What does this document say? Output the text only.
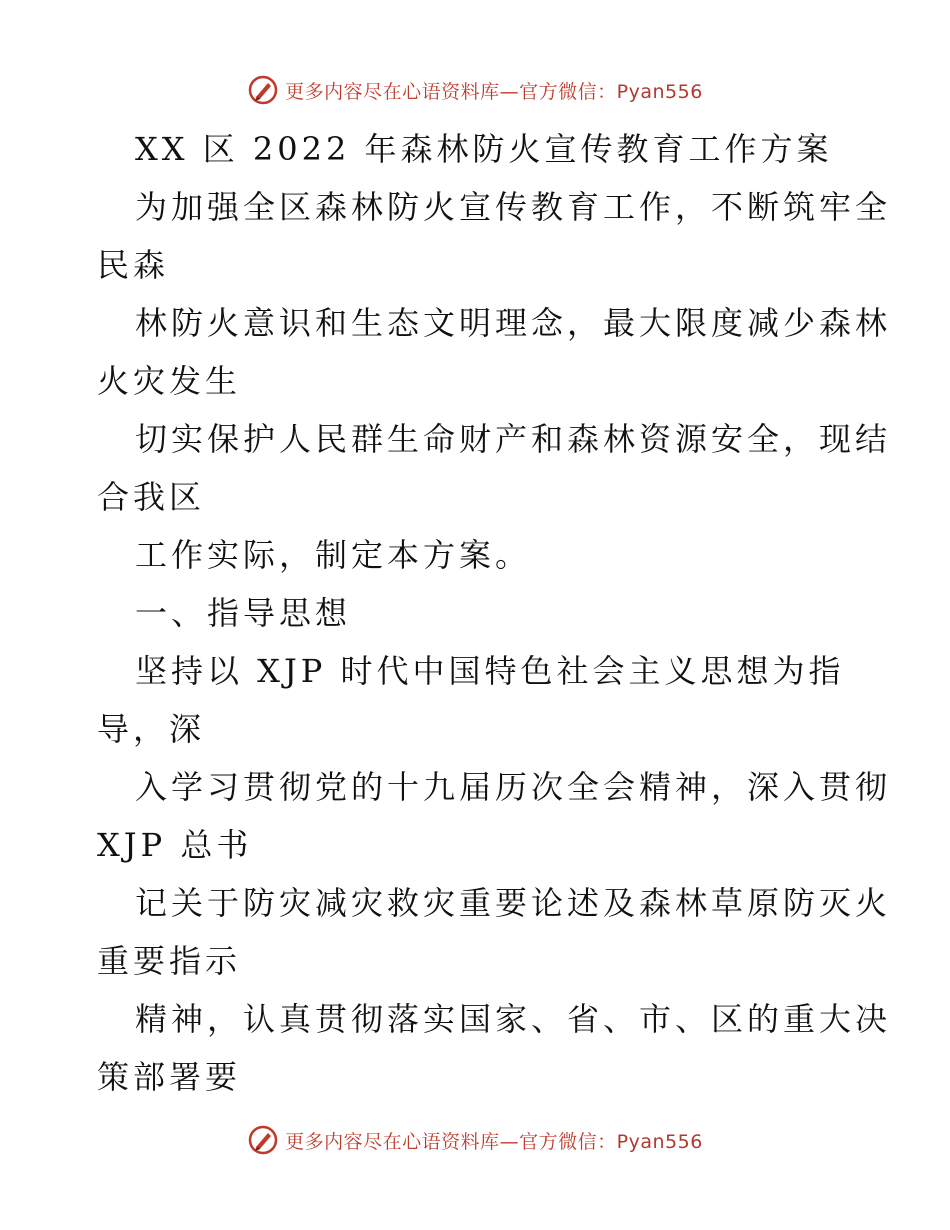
更多内容尽在心语资料库—官方微信：Pyan556
XX 区 2022 年森林防火宣传教育工作方案
为加强全区森林防火宣传教育工作，不断筑牢全
民森
林防火意识和生态文明理念，最大限度减少森林
火灾发生
切实保护人民群生命财产和森林资源安全，现结
合我区
工作实际，制定本方案。
一、指导思想
坚持以 XJP 时代中国特色社会主义思想为指
导，深
入学习贯彻党的十九届历次全会精神，深入贯彻
XJP 总书
记关于防灾减灾救灾重要论述及森林草原防灭火
重要指示
精神，认真贯彻落实国家、省、市、区的重大决
策部署要
更多内容尽在心语资料库—官方微信：Pyan556
